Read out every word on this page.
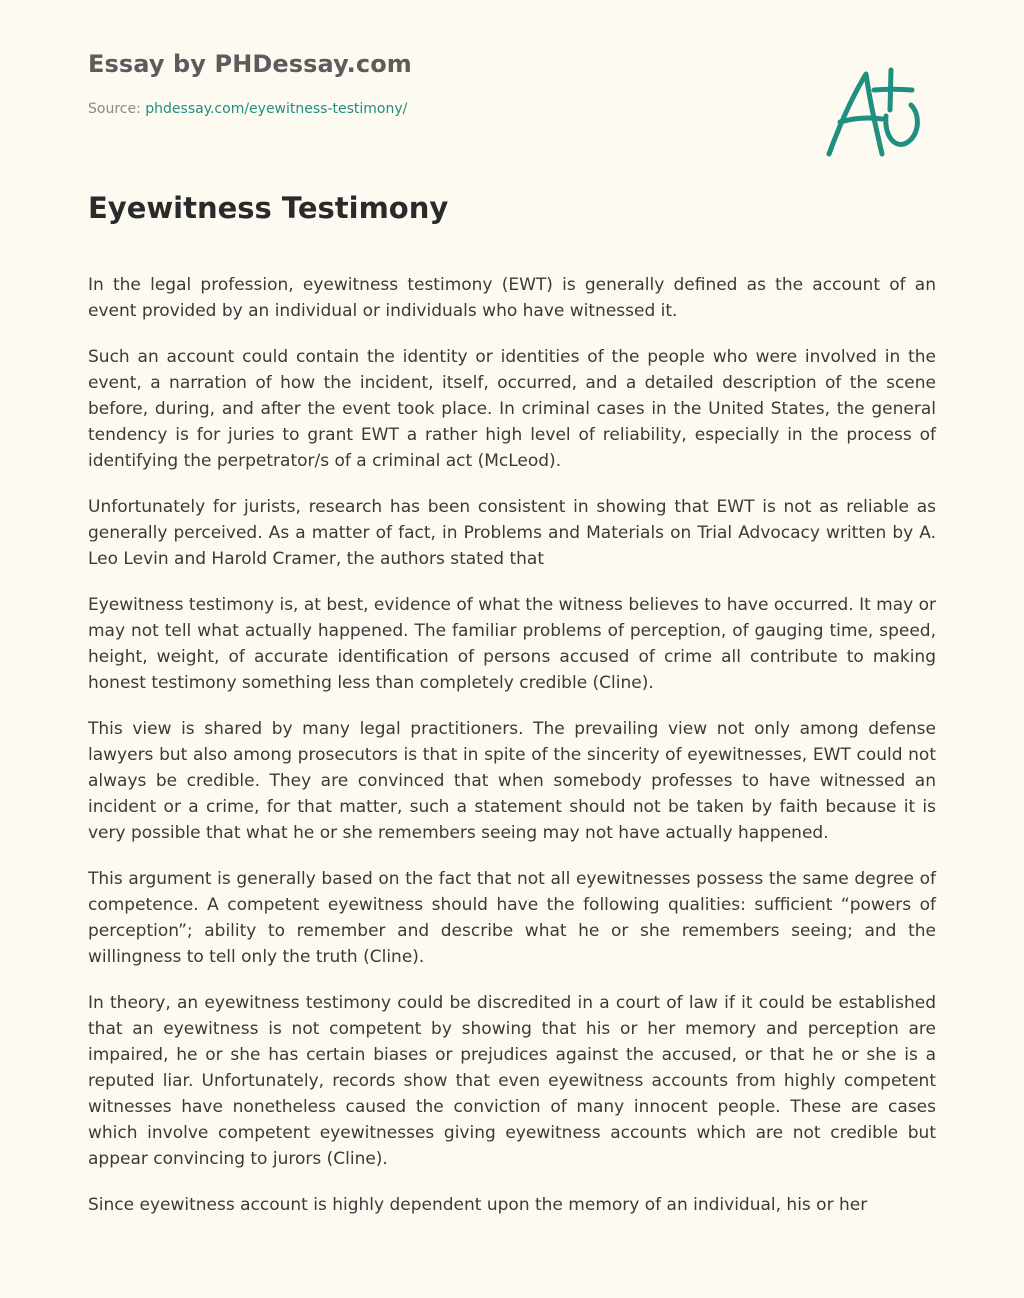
Essay by PHDessay.com
Source: phdessay.com/eyewitness-testimony/
Eyewitness Testimony

In the legal profession, eyewitness testimony (EWT) is generally defined as the account of an event provided by an individual or individuals who have witnessed it.

Such an account could contain the identity or identities of the people who were involved in the event, a narration of how the incident, itself, occurred, and a detailed description of the scene before, during, and after the event took place. In criminal cases in the United States, the general tendency is for juries to grant EWT a rather high level of reliability, especially in the process of identifying the perpetrator/s of a criminal act (McLeod).

Unfortunately for jurists, research has been consistent in showing that EWT is not as reliable as generally perceived. As a matter of fact, in Problems and Materials on Trial Advocacy written by A. Leo Levin and Harold Cramer, the authors stated that

Eyewitness testimony is, at best, evidence of what the witness believes to have occurred. It may or may not tell what actually happened. The familiar problems of perception, of gauging time, speed, height, weight, of accurate identification of persons accused of crime all contribute to making honest testimony something less than completely credible (Cline).

This view is shared by many legal practitioners. The prevailing view not only among defense lawyers but also among prosecutors is that in spite of the sincerity of eyewitnesses, EWT could not always be credible. They are convinced that when somebody professes to have witnessed an incident or a crime, for that matter, such a statement should not be taken by faith because it is very possible that what he or she remembers seeing may not have actually happened.

This argument is generally based on the fact that not all eyewitnesses possess the same degree of competence. A competent eyewitness should have the following qualities: sufficient “powers of perception”; ability to remember and describe what he or she remembers seeing; and the willingness to tell only the truth (Cline).

In theory, an eyewitness testimony could be discredited in a court of law if it could be established that an eyewitness is not competent by showing that his or her memory and perception are impaired, he or she has certain biases or prejudices against the accused, or that he or she is a reputed liar. Unfortunately, records show that even eyewitness accounts from highly competent witnesses have nonetheless caused the conviction of many innocent people. These are cases which involve competent eyewitnesses giving eyewitness accounts which are not credible but appear convincing to jurors (Cline).

Since eyewitness account is highly dependent upon the memory of an individual, his or her
